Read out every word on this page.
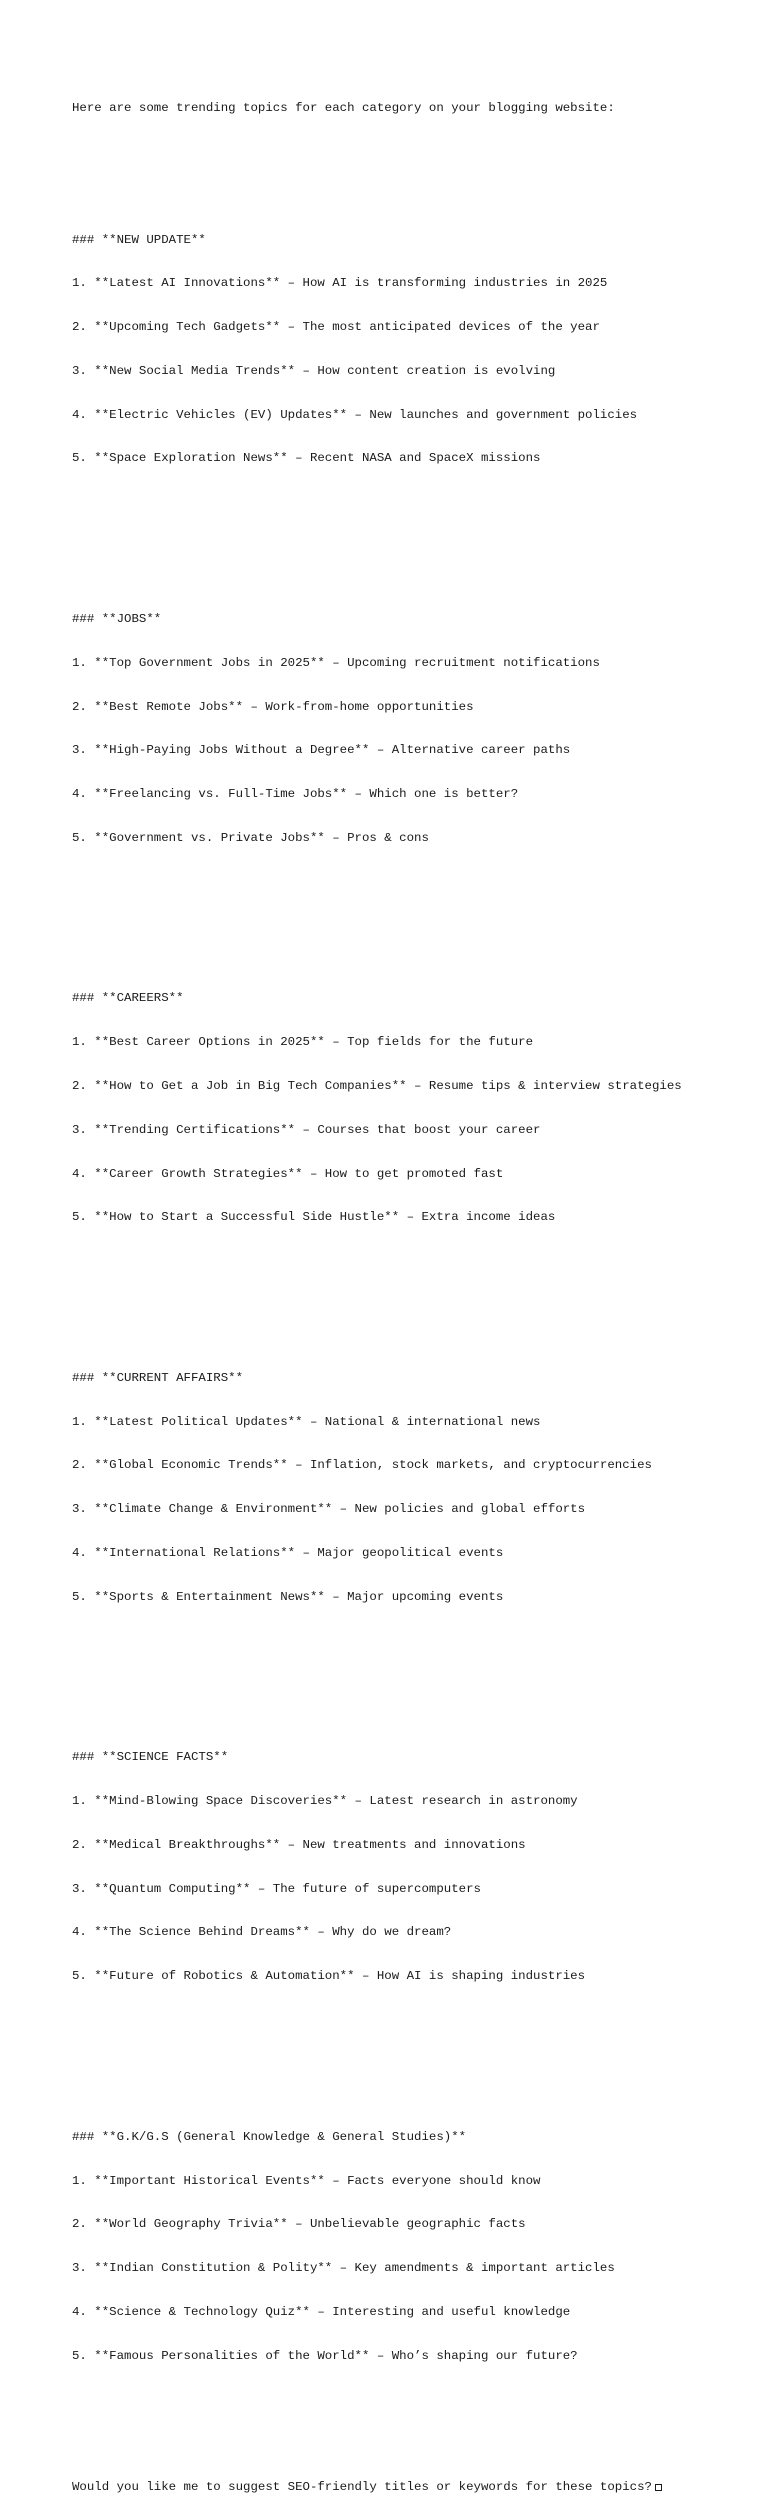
Here are some trending topics for each category on your blogging website:

### **NEW UPDATE**

1. **Latest AI Innovations** – How AI is transforming industries in 2025

2. **Upcoming Tech Gadgets** – The most anticipated devices of the year

3. **New Social Media Trends** – How content creation is evolving

4. **Electric Vehicles (EV) Updates** – New launches and government policies

5. **Space Exploration News** – Recent NASA and SpaceX missions

### **JOBS**

1. **Top Government Jobs in 2025** – Upcoming recruitment notifications

2. **Best Remote Jobs** – Work-from-home opportunities

3. **High-Paying Jobs Without a Degree** – Alternative career paths

4. **Freelancing vs. Full-Time Jobs** – Which one is better?

5. **Government vs. Private Jobs** – Pros & cons

### **CAREERS**

1. **Best Career Options in 2025** – Top fields for the future

2. **How to Get a Job in Big Tech Companies** – Resume tips & interview strategies

3. **Trending Certifications** – Courses that boost your career

4. **Career Growth Strategies** – How to get promoted fast

5. **How to Start a Successful Side Hustle** – Extra income ideas

### **CURRENT AFFAIRS**

1. **Latest Political Updates** – National & international news

2. **Global Economic Trends** – Inflation, stock markets, and cryptocurrencies

3. **Climate Change & Environment** – New policies and global efforts

4. **International Relations** – Major geopolitical events

5. **Sports & Entertainment News** – Major upcoming events

### **SCIENCE FACTS**

1. **Mind-Blowing Space Discoveries** – Latest research in astronomy

2. **Medical Breakthroughs** – New treatments and innovations

3. **Quantum Computing** – The future of supercomputers

4. **The Science Behind Dreams** – Why do we dream?

5. **Future of Robotics & Automation** – How AI is shaping industries

### **G.K/G.S (General Knowledge & General Studies)**

1. **Important Historical Events** – Facts everyone should know

2. **World Geography Trivia** – Unbelievable geographic facts

3. **Indian Constitution & Polity** – Key amendments & important articles

4. **Science & Technology Quiz** – Interesting and useful knowledge

5. **Famous Personalities of the World** – Who’s shaping our future?

Would you like me to suggest SEO-friendly titles or keywords for these topics?
